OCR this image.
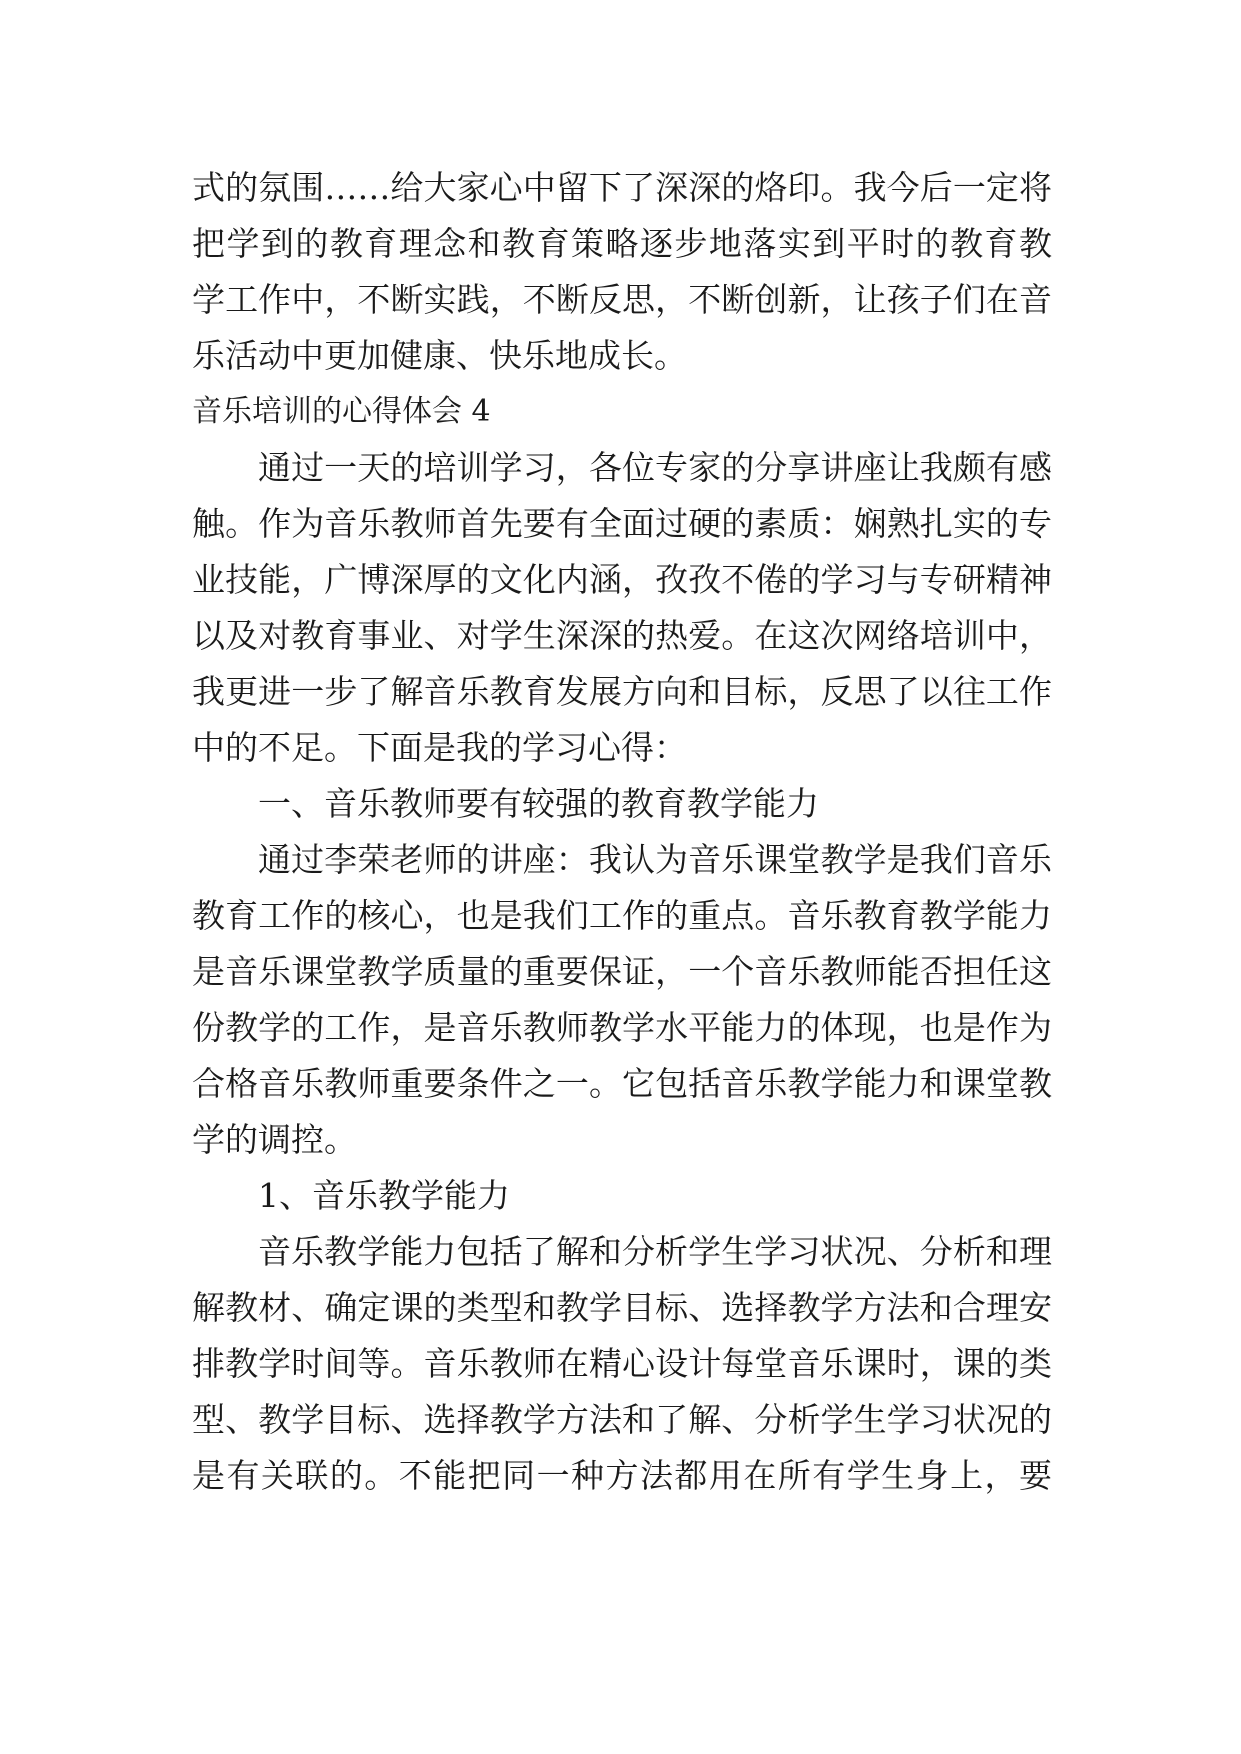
式的氛围……给大家心中留下了深深的烙印。我今后一定将
把学到的教育理念和教育策略逐步地落实到平时的教育教
学工作中，不断实践，不断反思，不断创新，让孩子们在音
乐活动中更加健康、快乐地成长。
音乐培训的心得体会 4
通过一天的培训学习，各位专家的分享讲座让我颇有感
触。作为音乐教师首先要有全面过硬的素质：娴熟扎实的专
业技能，广博深厚的文化内涵，孜孜不倦的学习与专研精神
以及对教育事业、对学生深深的热爱。在这次网络培训中，
我更进一步了解音乐教育发展方向和目标，反思了以往工作
中的不足。下面是我的学习心得：
一、音乐教师要有较强的教育教学能力
通过李荣老师的讲座：我认为音乐课堂教学是我们音乐
教育工作的核心，也是我们工作的重点。音乐教育教学能力
是音乐课堂教学质量的重要保证，一个音乐教师能否担任这
份教学的工作，是音乐教师教学水平能力的体现，也是作为
合格音乐教师重要条件之一。它包括音乐教学能力和课堂教
学的调控。
1、音乐教学能力
音乐教学能力包括了解和分析学生学习状况、分析和理
解教材、确定课的类型和教学目标、选择教学方法和合理安
排教学时间等。音乐教师在精心设计每堂音乐课时，课的类
型、教学目标、选择教学方法和了解、分析学生学习状况的
是有关联的。不能把同一种方法都用在所有学生身上，要
